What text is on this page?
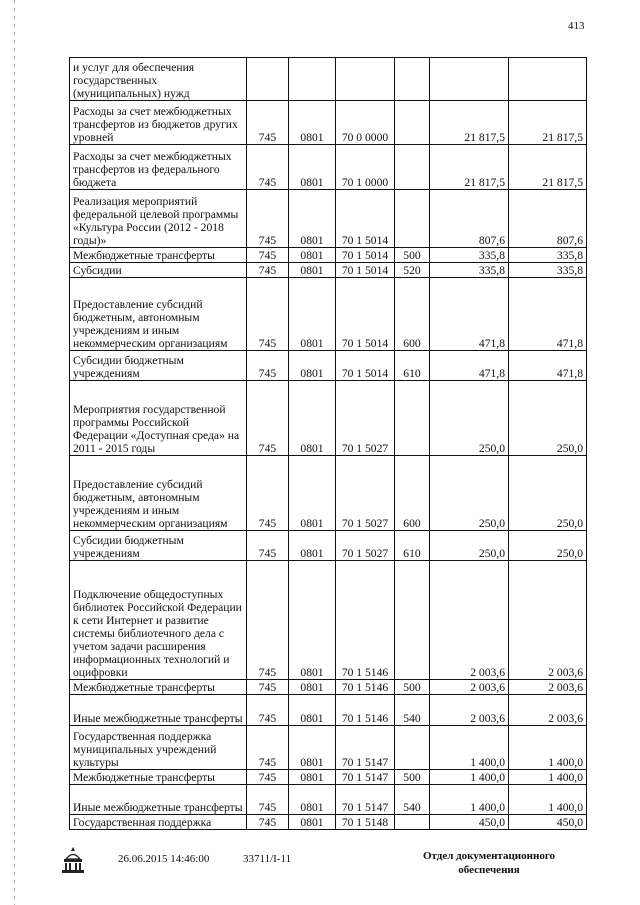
413
и услуг для обеспечения государственных (муниципальных) нужд						
Расходы за счет межбюджетных трансфертов из бюджетов других уровней	745	0801	70 0 0000		21 817,5	21 817,5
Расходы за счет межбюджетных трансфертов из федерального бюджета	745	0801	70 1 0000		21 817,5	21 817,5
Реализация мероприятий федеральной целевой программы «Культура России (2012 - 2018 годы)»	745	0801	70 1 5014		807,6	807,6
Межбюджетные трансферты	745	0801	70 1 5014	500	335,8	335,8
Субсидии	745	0801	70 1 5014	520	335,8	335,8
Предоставление субсидий бюджетным, автономным учреждениям и иным некоммерческим организациям	745	0801	70 1 5014	600	471,8	471,8
Субсидии бюджетным учреждениям	745	0801	70 1 5014	610	471,8	471,8
Мероприятия государственной программы Российской Федерации «Доступная среда» на 2011 - 2015 годы	745	0801	70 1 5027		250,0	250,0
Предоставление субсидий бюджетным, автономным учреждениям и иным некоммерческим организациям	745	0801	70 1 5027	600	250,0	250,0
Субсидии бюджетным учреждениям	745	0801	70 1 5027	610	250,0	250,0
Подключение общедоступных библиотек Российской Федерации к сети Интернет и развитие системы библиотечного дела с учетом задачи расширения информационных технологий и оцифровки	745	0801	70 1 5146		2 003,6	2 003,6
Межбюджетные трансферты	745	0801	70 1 5146	500	2 003,6	2 003,6
Иные межбюджетные трансферты	745	0801	70 1 5146	540	2 003,6	2 003,6
Государственная поддержка муниципальных учреждений культуры	745	0801	70 1 5147		1 400,0	1 400,0
Межбюджетные трансферты	745	0801	70 1 5147	500	1 400,0	1 400,0
Иные межбюджетные трансферты	745	0801	70 1 5147	540	1 400,0	1 400,0
Государственная поддержка	745	0801	70 1 5148		450,0	450,0
26.06.2015 14:46:00	33711/I-11	Отдел документационного
обеспечения
